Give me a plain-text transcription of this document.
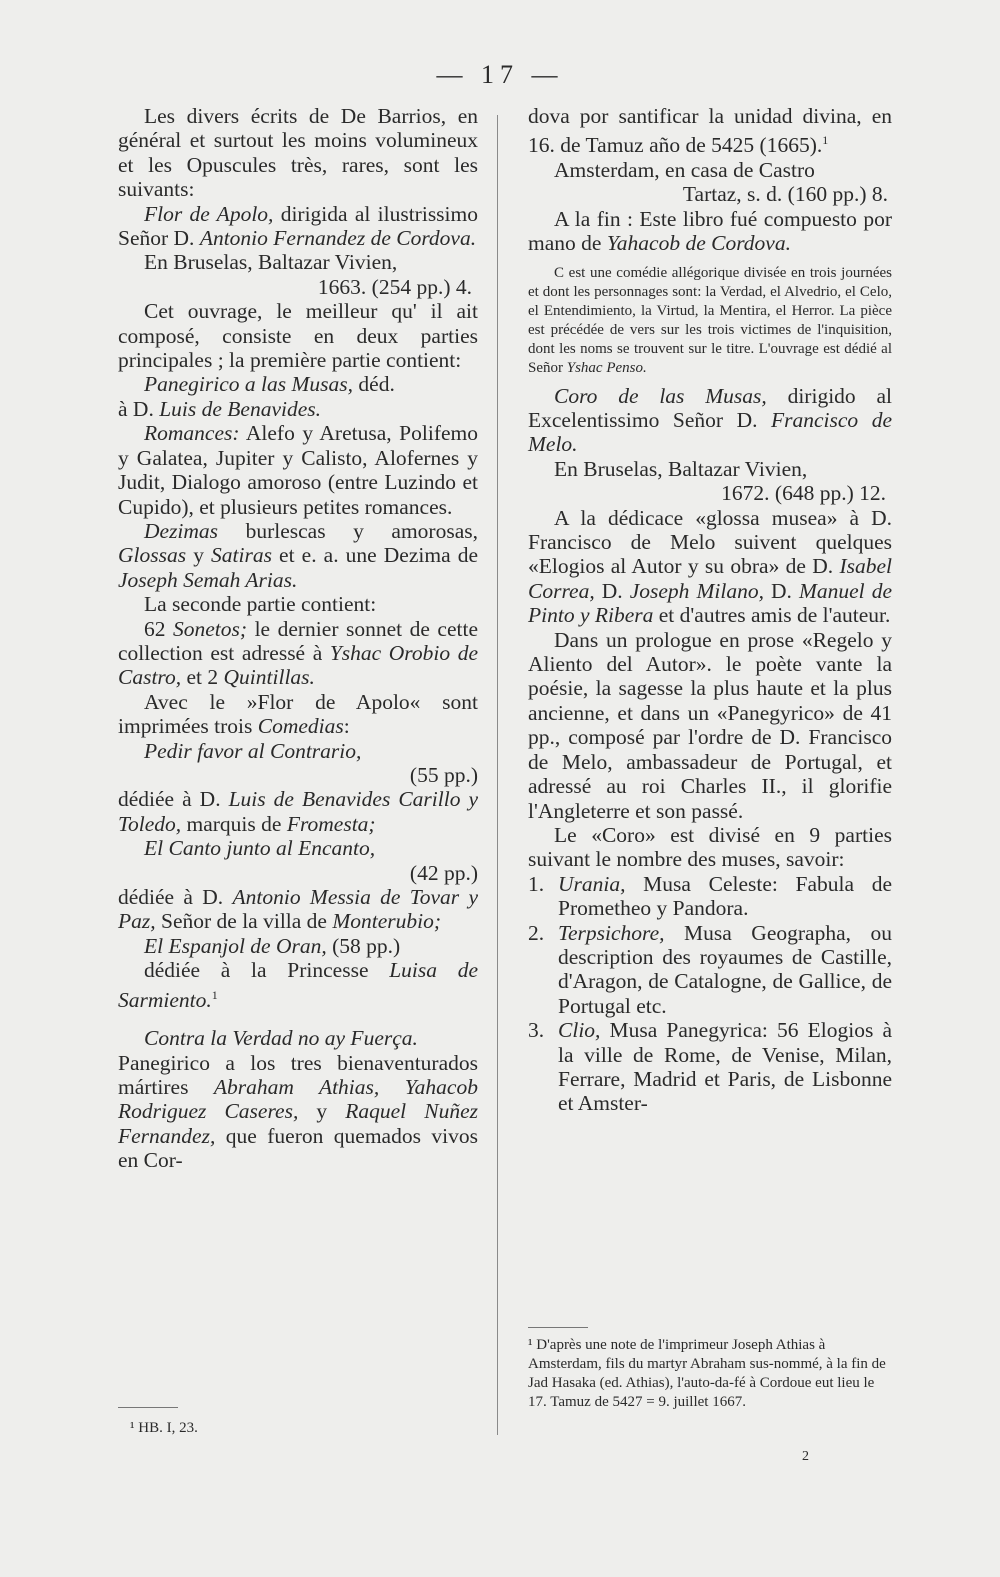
— 17 —

Les divers écrits de De Barrios, en général et surtout les moins volumineux et les Opuscules très, rares, sont les suivants:

Flor de Apolo, dirigida al ilustrissimo Señor D. Antonio Fernandez de Cordova.

En Bruselas, Baltazar Vivien,

1663. (254 pp.) 4.

Cet ouvrage, le meilleur qu' il ait composé, consiste en deux parties principales ; la première partie contient:

Panegirico a las Musas, déd.

à D. Luis de Benavides.

Romances: Alefo y Aretusa, Polifemo y Galatea, Jupiter y Calisto, Alofernes y Judit, Dialogo amoroso (entre Luzindo et Cupido), et plusieurs petites romances.

Dezimas burlescas y amorosas, Glossas y Satiras et e. a. une Dezima de Joseph Semah Arias.

La seconde partie contient:

62 Sonetos; le dernier sonnet de cette collection est adressé à Yshac Orobio de Castro, et 2 Quintillas.

Avec le »Flor de Apolo« sont imprimées trois Comedias:

Pedir favor al Contrario,

(55 pp.)

dédiée à D. Luis de Benavides Carillo y Toledo, marquis de Fromesta;

El Canto junto al Encanto,

(42 pp.)

dédiée à D. Antonio Messia de Tovar y Paz, Señor de la villa de Monterubio;

El Espanjol de Oran, (58 pp.)

dédiée à la Princesse Luisa de Sarmiento.$^1$

Contra la Verdad no ay Fuerça.

Panegirico a los tres bienaventurados mártires Abraham Athias, Yahacob Rodriguez Caseres, y Raquel Nuñez Fernandez, que fueron quemados vivos en Cor-

dova por santificar la unidad divina, en 16. de Tamuz año de 5425 (1665).$^1$

Amsterdam, en casa de Castro

Tartaz, s. d. (160 pp.) 8.

A la fin : Este libro fué compuesto por mano de Yahacob de Cordova.

C est une comédie allégorique divisée en trois journées et dont les personnages sont: la Verdad, el Alvedrio, el Celo, el Entendimiento, la Virtud, la Mentira, el Herror. La pièce est précédée de vers sur les trois victimes de l'inquisition, dont les noms se trouvent sur le titre. L'ouvrage est dédié al Señor Yshac Penso.

Coro de las Musas, dirigido al Excelentissimo Señor D. Francisco de Melo.

En Bruselas, Baltazar Vivien,

1672. (648 pp.) 12.

A la dédicace «glossa musea» à D. Francisco de Melo suivent quelques «Elogios al Autor y su obra» de D. Isabel Correa, D. Joseph Milano, D. Manuel de Pinto y Ribera et d'autres amis de l'auteur.

Dans un prologue en prose «Regelo y Aliento del Autor». le poète vante la poésie, la sagesse la plus haute et la plus ancienne, et dans un «Panegyrico» de 41 pp., composé par l'ordre de D. Francisco de Melo, ambassadeur de Portugal, et adressé au roi Charles II., il glorifie l'Angleterre et son passé.

Le «Coro» est divisé en 9 parties suivant le nombre des muses, savoir:

1. Urania, Musa Celeste: Fabula de Prometheo y Pandora.
2. Terpsichore, Musa Geographa, ou description des royaumes de Castille, d'Aragon, de Catalogne, de Gallice, de Portugal etc.
3. Clio, Musa Panegyrica: 56 Elogios à la ville de Rome, de Venise, Milan, Ferrare, Madrid et Paris, de Lisbonne et Amster-
¹ HB. I, 23.
¹ D'après une note de l'imprimeur Joseph Athias à Amsterdam, fils du martyr Abraham sus-nommé, à la fin de Jad Hasaka (ed. Athias), l'auto-da-fé à Cordoue eut lieu le 17. Tamuz de 5427 = 9. juillet 1667.
2
